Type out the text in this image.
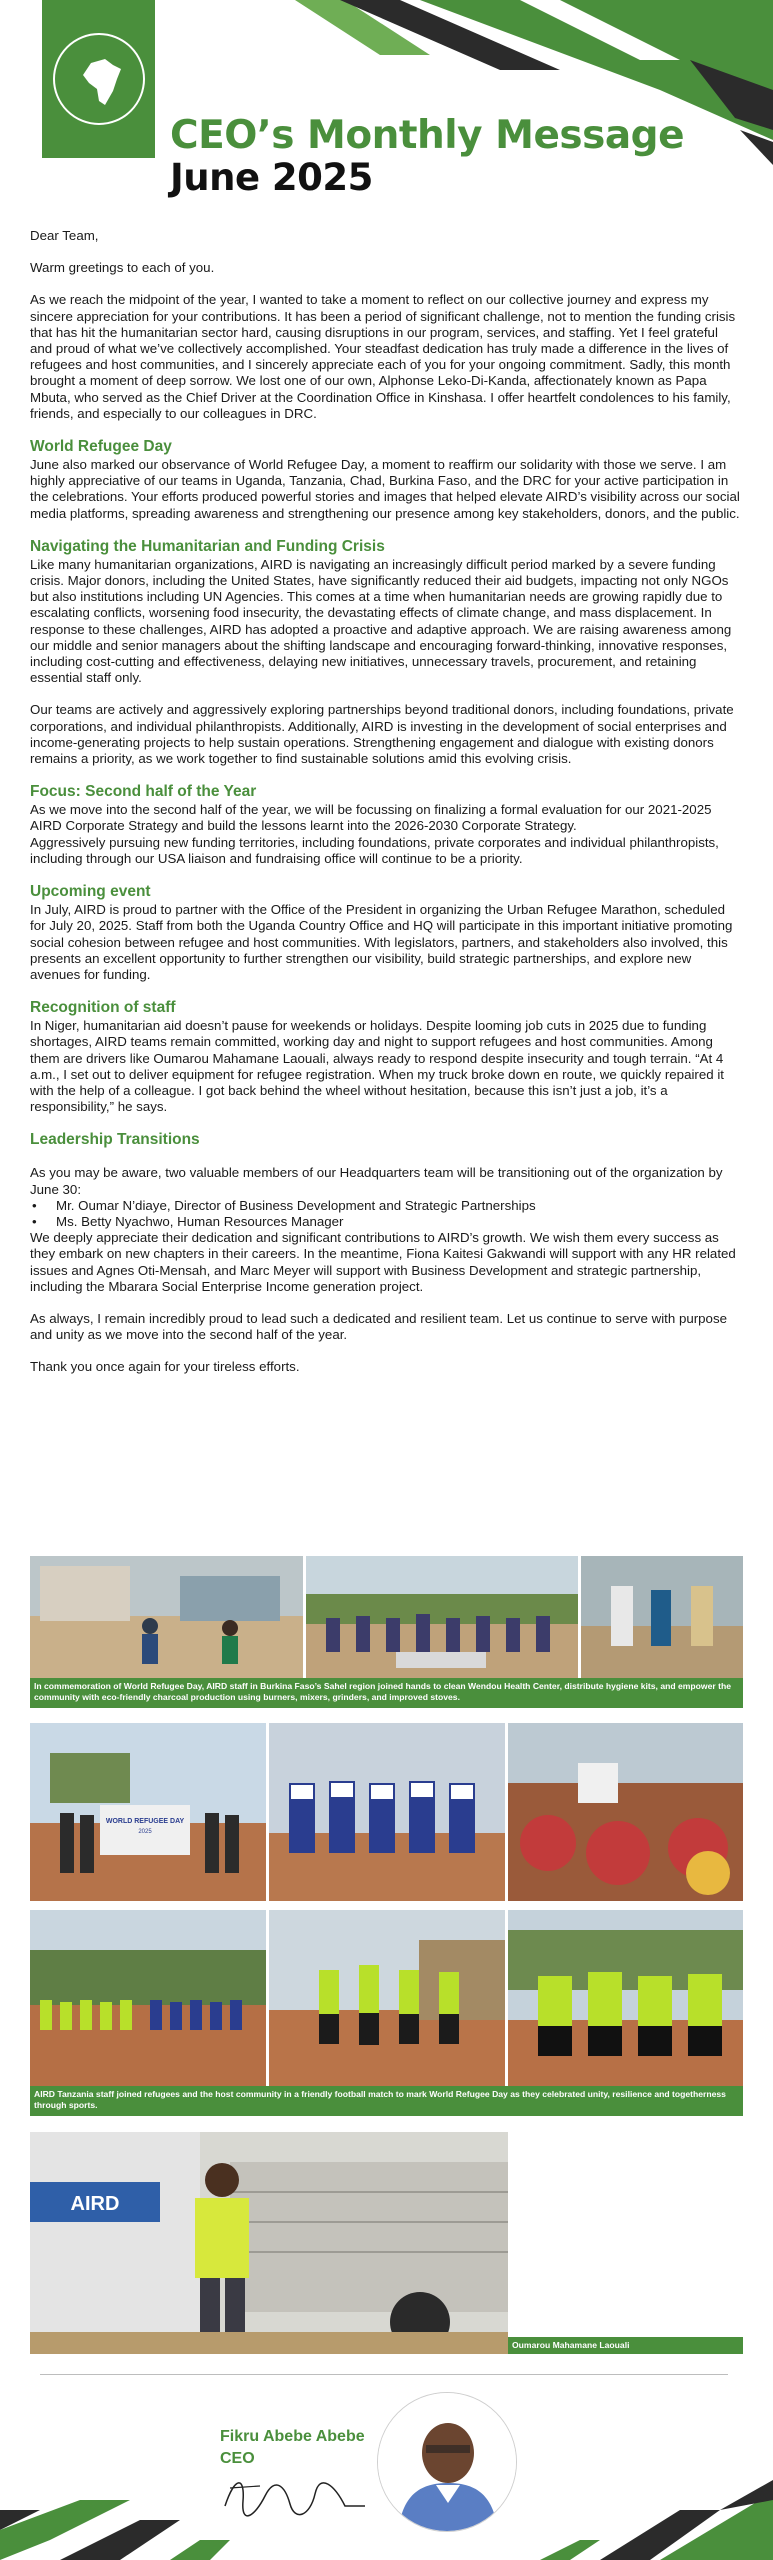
CEO’s Monthly Message
June 2025

Dear Team,

Warm greetings to each of you.

As we reach the midpoint of the year, I wanted to take a moment to reflect on our collective journey and express my sincere appreciation for your contributions. It has been a period of significant challenge, not to mention the funding crisis that has hit the humanitarian sector hard, causing disruptions in our program, services, and staffing. Yet I feel grateful and proud of what we’ve collectively accomplished. Your steadfast dedication has truly made a difference in the lives of refugees and host communities, and I sincerely appreciate each of you for your ongoing commitment. Sadly, this month brought a moment of deep sorrow. We lost one of our own, Alphonse Leko-Di-Kanda, affectionately known as Papa Mbuta, who served as the Chief Driver at the Coordination Office in Kinshasa. I offer heartfelt condolences to his family, friends, and especially to our colleagues in DRC.

World Refugee Day

June also marked our observance of World Refugee Day, a moment to reaffirm our solidarity with those we serve. I am highly appreciative of our teams in Uganda, Tanzania, Chad, Burkina Faso, and the DRC for your active participation in the celebrations. Your efforts produced powerful stories and images that helped elevate AIRD’s visibility across our social media platforms, spreading awareness and strengthening our presence among key stakeholders, donors, and the public.

Navigating the Humanitarian and Funding Crisis

Like many humanitarian organizations, AIRD is navigating an increasingly difficult period marked by a severe funding crisis. Major donors, including the United States, have significantly reduced their aid budgets, impacting not only NGOs but also institutions including UN Agencies. This comes at a time when humanitarian needs are growing rapidly due to escalating conflicts, worsening food insecurity, the devastating effects of climate change, and mass displacement. In response to these challenges, AIRD has adopted a proactive and adaptive approach. We are raising awareness among our middle and senior managers about the shifting landscape and encouraging forward-thinking, innovative responses, including cost-cutting and effectiveness, delaying new initiatives, unnecessary travels, procurement, and retaining essential staff only.

Our teams are actively and aggressively exploring partnerships beyond traditional donors, including foundations, private corporations, and individual philanthropists. Additionally, AIRD is investing in the development of social enterprises and income-generating projects to help sustain operations. Strengthening engagement and dialogue with existing donors remains a priority, as we work together to find sustainable solutions amid this evolving crisis.

Focus: Second half of the Year

As we move into the second half of the year, we will be focussing on finalizing a formal evaluation for our 2021-2025 AIRD Corporate Strategy and build the lessons learnt into the 2026-2030 Corporate Strategy.
Aggressively pursuing new funding territories, including foundations, private corporates and individual philanthropists, including through our USA liaison and fundraising office will continue to be a priority.

Upcoming event

In July, AIRD is proud to partner with the Office of the President in organizing the Urban Refugee Marathon, scheduled for July 20, 2025. Staff from both the Uganda Country Office and HQ will participate in this important initiative promoting social cohesion between refugee and host communities. With legislators, partners, and stakeholders also involved, this presents an excellent opportunity to further strengthen our visibility, build strategic partnerships, and explore new avenues for funding.

Recognition of staff

In Niger, humanitarian aid doesn’t pause for weekends or holidays. Despite looming job cuts in 2025 due to funding shortages, AIRD teams remain committed, working day and night to support refugees and host communities. Among them are drivers like Oumarou Mahamane Laouali, always ready to respond despite insecurity and tough terrain. “At 4 a.m., I set out to deliver equipment for refugee registration. When my truck broke down en route, we quickly repaired it with the help of a colleague. I got back behind the wheel without hesitation, because this isn’t just a job, it’s a responsibility,” he says.

Leadership Transitions

As you may be aware, two valuable members of our Headquarters team will be transitioning out of the organization by June 30:

• Mr. Oumar N’diaye, Director of Business Development and Strategic Partnerships
• Ms. Betty Nyachwo, Human Resources Manager

We deeply appreciate their dedication and significant contributions to AIRD’s growth. We wish them every success as they embark on new chapters in their careers. In the meantime, Fiona Kaitesi Gakwandi will support with any HR related issues and Agnes Oti-Mensah, and Marc Meyer will support with Business Development and strategic partnership, including the Mbarara Social Enterprise Income generation project.

As always, I remain incredibly proud to lead such a dedicated and resilient team. Let us continue to serve with purpose and unity as we move into the second half of the year.

Thank you once again for your tireless efforts.

In commemoration of World Refugee Day, AIRD staff in Burkina Faso’s Sahel region joined hands to clean Wendou Health Center, distribute hygiene kits, and empower the community with eco-friendly charcoal production using burners, mixers, grinders, and improved stoves.
WORLD REFUGEE DAY
2025
AIRD Tanzania staff joined refugees and the host community in a friendly football match to mark World Refugee Day as they celebrated unity, resilience and togetherness through sports.
AIRD
Oumarou Mahamane Laouali
Fikru Abebe Abebe
CEO
